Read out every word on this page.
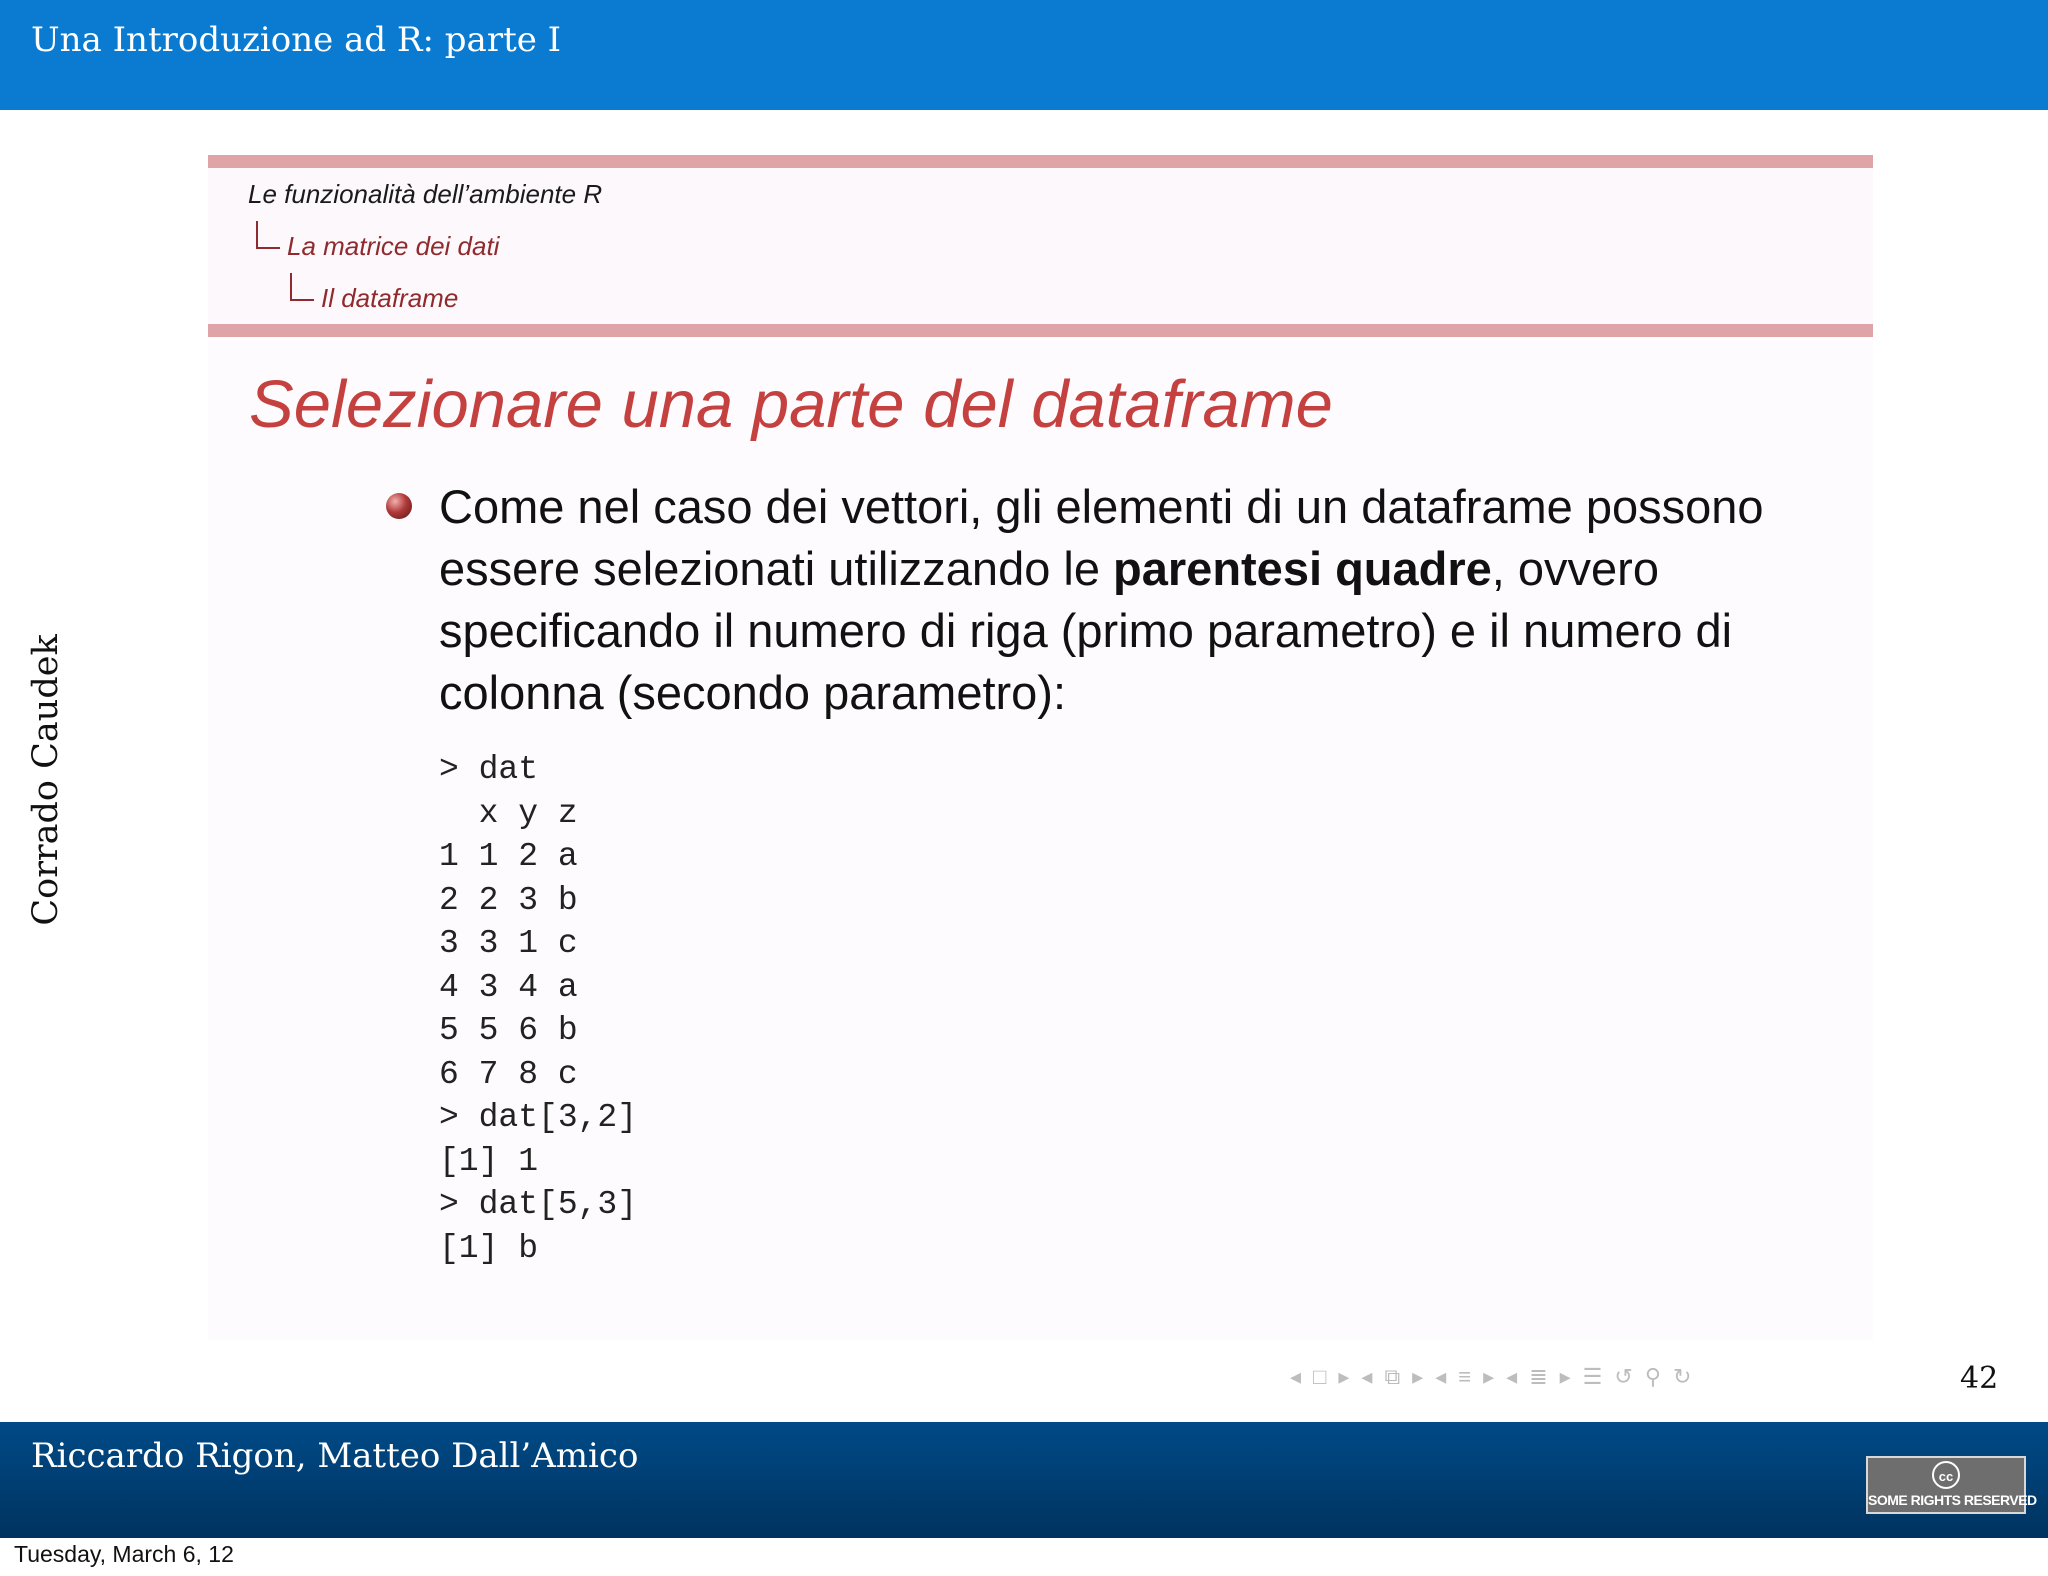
Una Introduzione ad R: parte I
Corrado Caudek
Le funzionalità dell’ambiente R
La matrice dei dati
Il dataframe
Selezionare una parte del dataframe
Come nel caso dei vettori, gli elementi di un dataframe possono essere selezionati utilizzando le parentesi quadre, ovvero specificando il numero di riga (primo parametro) e il numero di colonna (secondo parametro):
> dat
x y z
1 1 2 a
2 2 3 b
3 3 1 c
4 3 4 a
5 5 6 b
6 7 8 c
> dat[3,2]
[1] 1
> dat[5,3]
[1] b
◂ □ ▸ ◂ ⧉ ▸ ◂ ≡ ▸ ◂ ≣ ▸ ☰ ↺ ⚲ ↻	42
Riccardo Rigon, Matteo Dall’Amico
cc
SOME RIGHTS RESERVED
Tuesday, March 6, 12
